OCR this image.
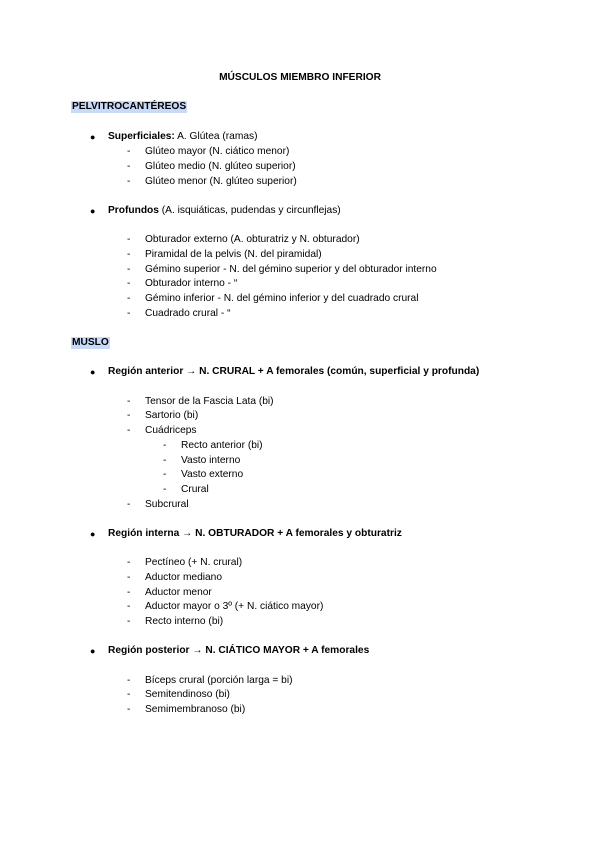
MÚSCULOS MIEMBRO INFERIOR
PELVITROCANTÉREOS
● Superficiales: A. Glútea (ramas)
- Glúteo mayor (N. ciático menor)
- Glúteo medio (N. glúteo superior)
- Glúteo menor (N. glúteo superior)
● Profundos (A. isquiáticas, pudendas y circunflejas)
- Obturador externo (A. obturatriz y N. obturador)
- Piramidal de la pelvis (N. del piramidal)
- Gémino superior - N. del gémino superior y del obturador interno
- Obturador interno - “
- Gémino inferior - N. del gémino inferior y del cuadrado crural
- Cuadrado crural - “
MUSLO
● Región anterior → N. CRURAL + A femorales (común, superficial y profunda)
- Tensor de la Fascia Lata (bi)
- Sartorio (bi)
- Cuádriceps
- Recto anterior (bi)
- Vasto interno
- Vasto externo
- Crural
- Subcrural
● Región interna → N. OBTURADOR + A femorales y obturatriz
- Pectíneo (+ N. crural)
- Aductor mediano
- Aductor menor
- Aductor mayor o 3º (+ N. ciático mayor)
- Recto interno (bi)
● Región posterior → N. CIÁTICO MAYOR + A femorales
- Bíceps crural (porción larga = bi)
- Semitendinoso (bi)
- Semimembranoso (bi)
